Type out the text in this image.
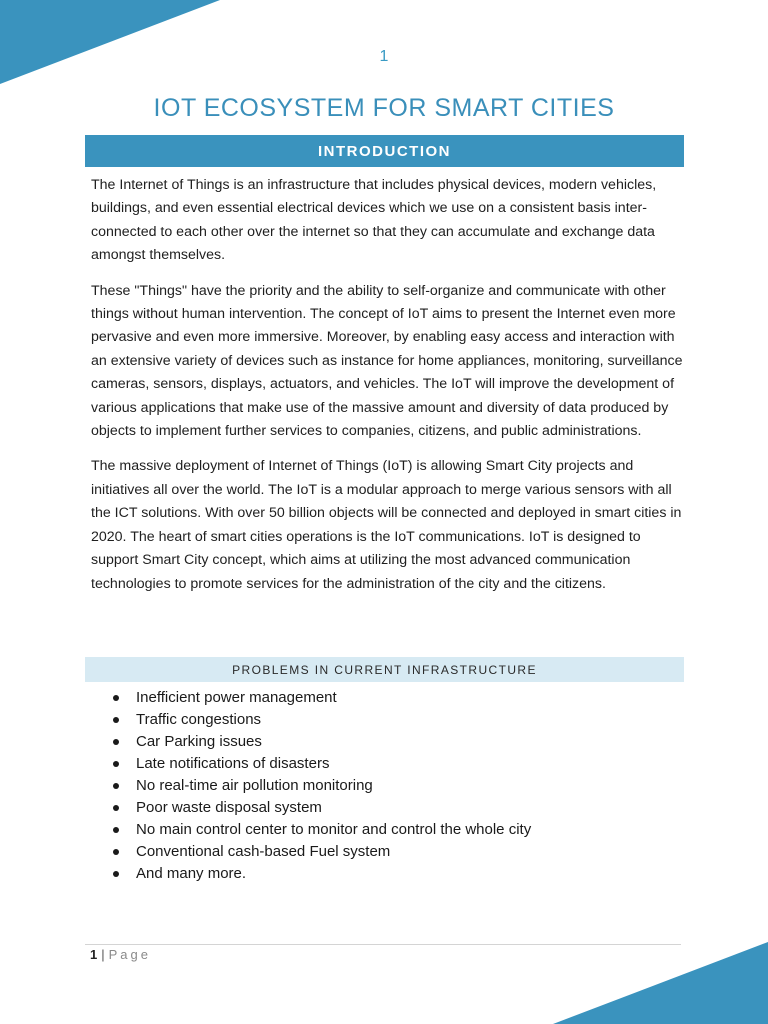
1
IOT ECOSYSTEM FOR SMART CITIES
INTRODUCTION

The Internet of Things is an infrastructure that includes physical devices, modern vehicles, buildings, and even essential electrical devices which we use on a consistent basis inter-connected to each other over the internet so that they can accumulate and exchange data amongst themselves.

These "Things" have the priority and the ability to self-organize and communicate with other things without human intervention. The concept of IoT aims to present the Internet even more pervasive and even more immersive. Moreover, by enabling easy access and interaction with an extensive variety of devices such as instance for home appliances, monitoring, surveillance cameras, sensors, displays, actuators, and vehicles. The IoT will improve the development of various applications that make use of the massive amount and diversity of data produced by objects to implement further services to companies, citizens, and public administrations.

The massive deployment of Internet of Things (IoT) is allowing Smart City projects and initiatives all over the world. The IoT is a modular approach to merge various sensors with all the ICT solutions. With over 50 billion objects will be connected and deployed in smart cities in 2020. The heart of smart cities operations is the IoT communications. IoT is designed to support Smart City concept, which aims at utilizing the most advanced communication technologies to promote services for the administration of the city and the citizens.

PROBLEMS IN CURRENT INFRASTRUCTURE
Inefficient power management
Traffic congestions
Car Parking issues
Late notifications of disasters
No real-time air pollution monitoring
Poor waste disposal system
No main control center to monitor and control the whole city
Conventional cash-based Fuel system
And many more.
1 | Page
